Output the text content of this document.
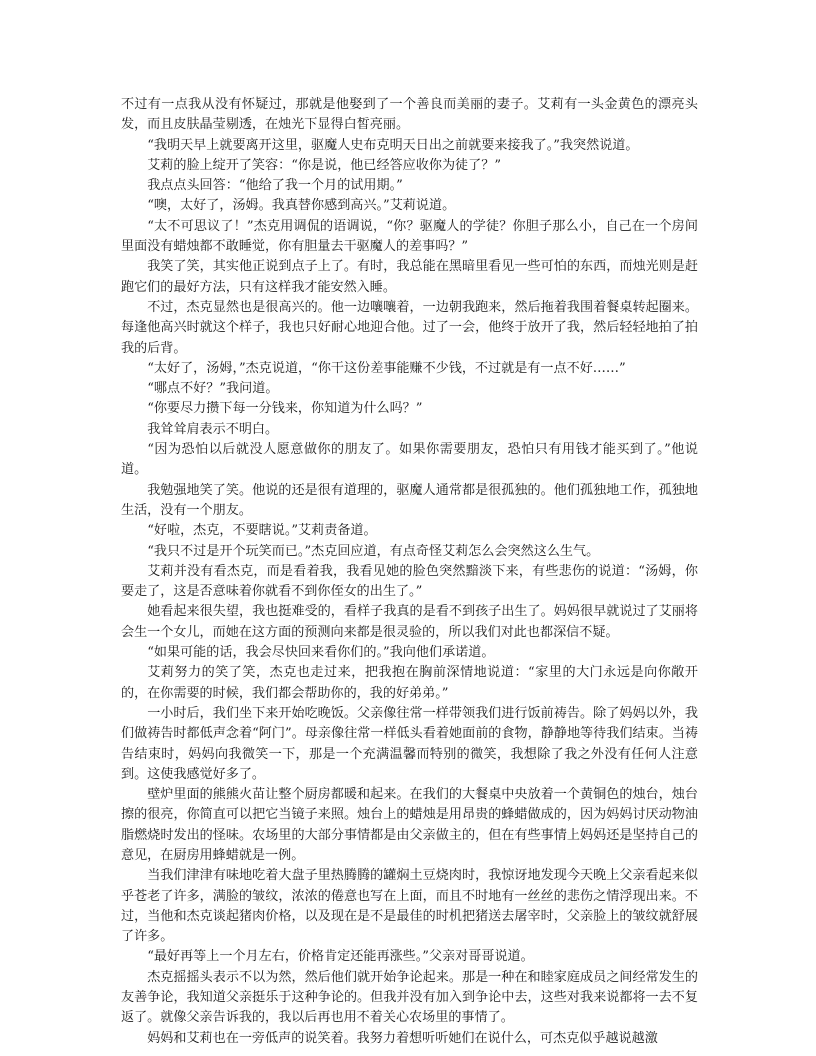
不过有一点我从没有怀疑过，那就是他娶到了一个善良而美丽的妻子。艾莉有一头金黄色的漂亮头发，而且皮肤晶莹剔透，在烛光下显得白皙亮丽。

“我明天早上就要离开这里，驱魔人史布克明天日出之前就要来接我了。”我突然说道。

艾莉的脸上绽开了笑容：“你是说，他已经答应收你为徒了？”

我点点头回答：“他给了我一个月的试用期。”

“噢，太好了，汤姆。我真替你感到高兴。”艾莉说道。

“太不可思议了！”杰克用调侃的语调说，“你？驱魔人的学徒？你胆子那么小，自己在一个房间里面没有蜡烛都不敢睡觉，你有胆量去干驱魔人的差事吗？”

我笑了笑，其实他正说到点子上了。有时，我总能在黑暗里看见一些可怕的东西，而烛光则是赶跑它们的最好方法，只有这样我才能安然入睡。

不过，杰克显然也是很高兴的。他一边嚷嚷着，一边朝我跑来，然后拖着我围着餐桌转起圈来。每逢他高兴时就这个样子，我也只好耐心地迎合他。过了一会，他终于放开了我，然后轻轻地拍了拍我的后背。

“太好了，汤姆，”杰克说道，“你干这份差事能赚不少钱，不过就是有一点不好……”

“哪点不好？”我问道。

“你要尽力攒下每一分钱来，你知道为什么吗？”

我耸耸肩表示不明白。

“因为恐怕以后就没人愿意做你的朋友了。如果你需要朋友，恐怕只有用钱才能买到了。”他说道。

我勉强地笑了笑。他说的还是很有道理的，驱魔人通常都是很孤独的。他们孤独地工作，孤独地生活，没有一个朋友。

“好啦，杰克，不要瞎说。”艾莉责备道。

“我只不过是开个玩笑而已。”杰克回应道，有点奇怪艾莉怎么会突然这么生气。

艾莉并没有看杰克，而是看着我，我看见她的脸色突然黯淡下来，有些悲伤的说道：“汤姆，你要走了，这是否意味着你就看不到你侄女的出生了。”

她看起来很失望，我也挺难受的，看样子我真的是看不到孩子出生了。妈妈很早就说过了艾丽将会生一个女儿，而她在这方面的预测向来都是很灵验的，所以我们对此也都深信不疑。

“如果可能的话，我会尽快回来看你们的。”我向他们承诺道。

艾莉努力的笑了笑，杰克也走过来，把我抱在胸前深情地说道：“家里的大门永远是向你敞开的，在你需要的时候，我们都会帮助你的，我的好弟弟。”

一小时后，我们坐下来开始吃晚饭。父亲像往常一样带领我们进行饭前祷告。除了妈妈以外，我们做祷告时都低声念着“阿门”。母亲像往常一样低头看着她面前的食物，静静地等待我们结束。当祷告结束时，妈妈向我微笑一下，那是一个充满温馨而特别的微笑，我想除了我之外没有任何人注意到。这使我感觉好多了。

壁炉里面的熊熊火苗让整个厨房都暖和起来。在我们的大餐桌中央放着一个黄铜色的烛台，烛台擦的很亮，你简直可以把它当镜子来照。烛台上的蜡烛是用昂贵的蜂蜡做成的，因为妈妈讨厌动物油脂燃烧时发出的怪味。农场里的大部分事情都是由父亲做主的，但在有些事情上妈妈还是坚持自己的意见，在厨房用蜂蜡就是一例。

当我们津津有味地吃着大盘子里热腾腾的罐焖土豆烧肉时，我惊讶地发现今天晚上父亲看起来似乎苍老了许多，满脸的皱纹，浓浓的倦意也写在上面，而且不时地有一丝丝的悲伤之情浮现出来。不过，当他和杰克谈起猪肉价格，以及现在是不是最佳的时机把猪送去屠宰时，父亲脸上的皱纹就舒展了许多。

“最好再等上一个月左右，价格肯定还能再涨些。”父亲对哥哥说道。

杰克摇摇头表示不以为然，然后他们就开始争论起来。那是一种在和睦家庭成员之间经常发生的友善争论，我知道父亲挺乐于这种争论的。但我并没有加入到争论中去，这些对我来说都将一去不复返了。就像父亲告诉我的，我以后再也用不着关心农场里的事情了。

妈妈和艾莉也在一旁低声的说笑着。我努力着想听听她们在说什么，可杰克似乎越说越激
